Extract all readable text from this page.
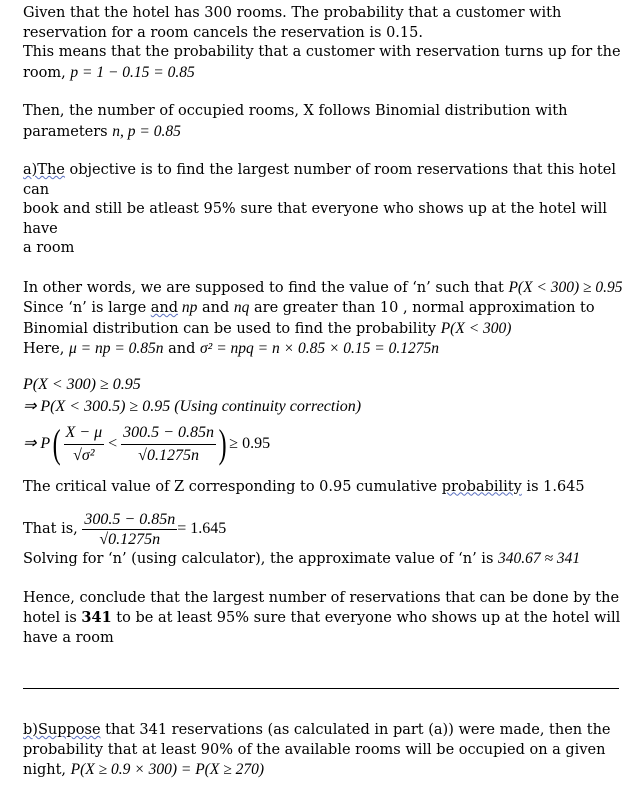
Given that the hotel has 300 rooms. The probability that a customer with

reservation for a room cancels the reservation is 0.15.

This means that the probability that a customer with reservation turns up for the

room, p = 1 − 0.15 = 0.85

Then, the number of occupied rooms, X follows Binomial distribution with

parameters n, p = 0.85

a)The objective is to find the largest number of room reservations that this hotel can

book and still be atleast 95% sure that everyone who shows up at the hotel will have

a room

In other words, we are supposed to find the value of ‘n’ such that P(X < 300) ≥ 0.95

Since ‘n’ is large and np and nq are greater than 10 , normal approximation to

Binomial distribution can be used to find the probability P(X < 300)

Here, μ = np = 0.85n and σ² = npq = n × 0.85 × 0.15 = 0.1275n

P(X < 300) ≥ 0.95

⇒ P(X < 300.5) ≥ 0.95 (Using continuity correction)

⇒ $P( \frac{X - \mu}{\text{√σ²}} < \frac{300.5 - 0.85n}{√0.1275n}$ ) ≥ 0.95

The critical value of Z corresponding to 0.95 cumulative probability is 1.645

That is, $\frac{300.5 - 0.85n}{√0.1275n} = 1.645$

Solving for ‘n’ (using calculator), the approximate value of ‘n’ is 340.67 ≈ 341

Hence, conclude that the largest number of reservations that can be done by the

hotel is 341 to be at least 95% sure that everyone who shows up at the hotel will

have a room

b)Suppose that 341 reservations (as calculated in part (a)) were made, then the

probability that at least 90% of the available rooms will be occupied on a given

night, P(X ≥ 0.9 × 300) = P(X ≥ 270)
